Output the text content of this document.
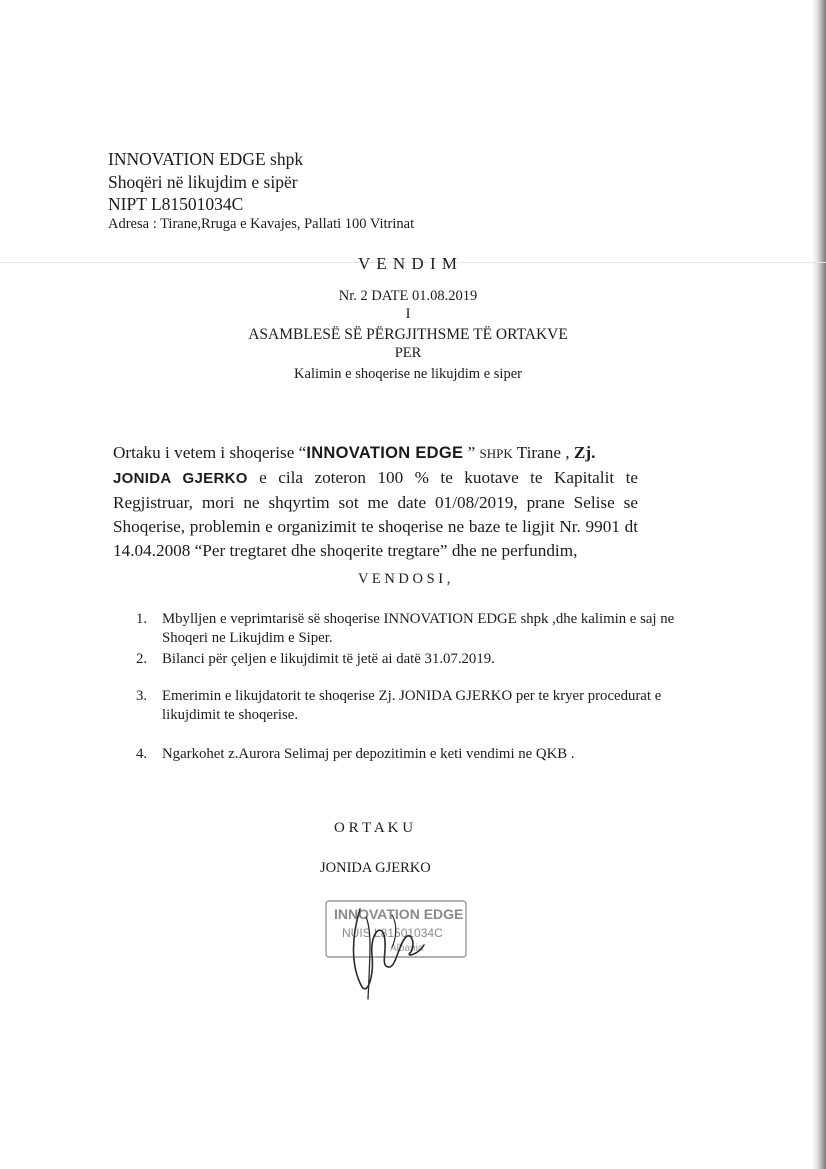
INNOVATION EDGE shpk
Shoqëri në likujdim e sipër
NIPT L81501034C
Adresa : Tirane,Rruga e Kavajes, Pallati 100 Vitrinat
V E N D I M
Nr. 2 DATE 01.08.2019
I
ASAMBLESË SË PËRGJITHSME TË ORTAKVE
PER
Kalimin e shoqerise ne likujdim e siper
Ortaku i vetem i shoqerise “INNOVATION EDGE ” SHPK Tirane , Zj.
JONIDA GJERKO e cila zoteron 100 % te kuotave te Kapitalit te Regjistruar, mori ne shqyrtim sot me date 01/08/2019, prane Selise se Shoqerise, problemin e organizimit te shoqerise ne baze te ligjit Nr. 9901 dt 14.04.2008 “Per tregtaret dhe shoqerite tregtare” dhe ne perfundim,
V E N D O S I ,
1.	Mbylljen e veprimtarisë së shoqerise INNOVATION EDGE shpk ,dhe kalimin e saj ne Shoqeri ne Likujdim e Siper.
2.	Bilanci për çeljen e likujdimit të jetë ai datë 31.07.2019.
3.	Emerimin e likujdatorit te shoqerise Zj. JONIDA GJERKO per te kryer procedurat e likujdimit te shoqerise.
4.	Ngarkohet z.Aurora Selimaj per depozitimin e keti vendimi ne QKB .
O R T A K U
JONIDA GJERKO
INNOVATION EDGE
NUIS L81501034C
Albania
